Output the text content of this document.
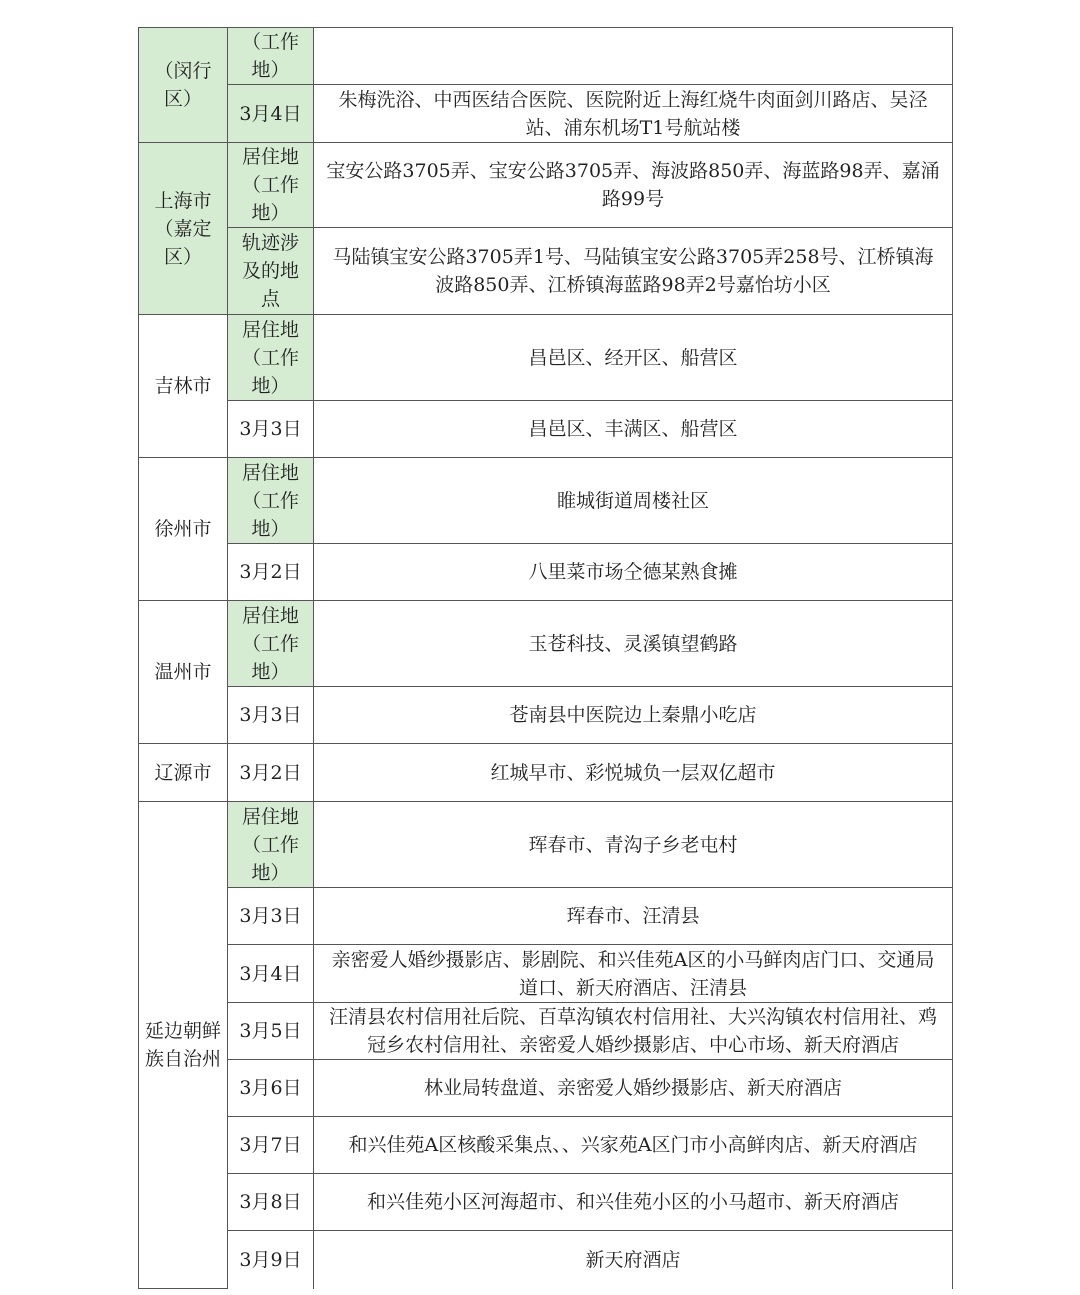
（闵行区）	（工作地）	
	3月4日	朱梅洗浴、中西医结合医院、医院附近上海红烧牛肉面剑川路店、吴泾站、浦东机场T1号航站楼
上海市（嘉定区）	居住地（工作地）	宝安公路3705弄、宝安公路3705弄、海波路850弄、海蓝路98弄、嘉涌路99号
	轨迹涉及的地点	马陆镇宝安公路3705弄1号、马陆镇宝安公路3705弄258号、江桥镇海波路850弄、江桥镇海蓝路98弄2号嘉怡坊小区
吉林市	居住地（工作地）	昌邑区、经开区、船营区
	3月3日	昌邑区、丰满区、船营区
徐州市	居住地（工作地）	睢城街道周楼社区
	3月2日	八里菜市场仝德某熟食摊
温州市	居住地（工作地）	玉苍科技、灵溪镇望鹤路
	3月3日	苍南县中医院边上秦鼎小吃店
辽源市	3月2日	红城早市、彩悦城负一层双亿超市
延边朝鲜族自治州	居住地（工作地）	珲春市、青沟子乡老屯村
	3月3日	珲春市、汪清县
	3月4日	亲密爱人婚纱摄影店、影剧院、和兴佳苑A区的小马鲜肉店门口、交通局道口、新天府酒店、汪清县
	3月5日	汪清县农村信用社后院、百草沟镇农村信用社、大兴沟镇农村信用社、鸡冠乡农村信用社、亲密爱人婚纱摄影店、中心市场、新天府酒店
	3月6日	林业局转盘道、亲密爱人婚纱摄影店、新天府酒店
	3月7日	和兴佳苑A区核酸采集点、、兴家苑A区门市小高鲜肉店、新天府酒店
	3月8日	和兴佳苑小区河海超市、和兴佳苑小区的小马超市、新天府酒店
	3月9日	新天府酒店
